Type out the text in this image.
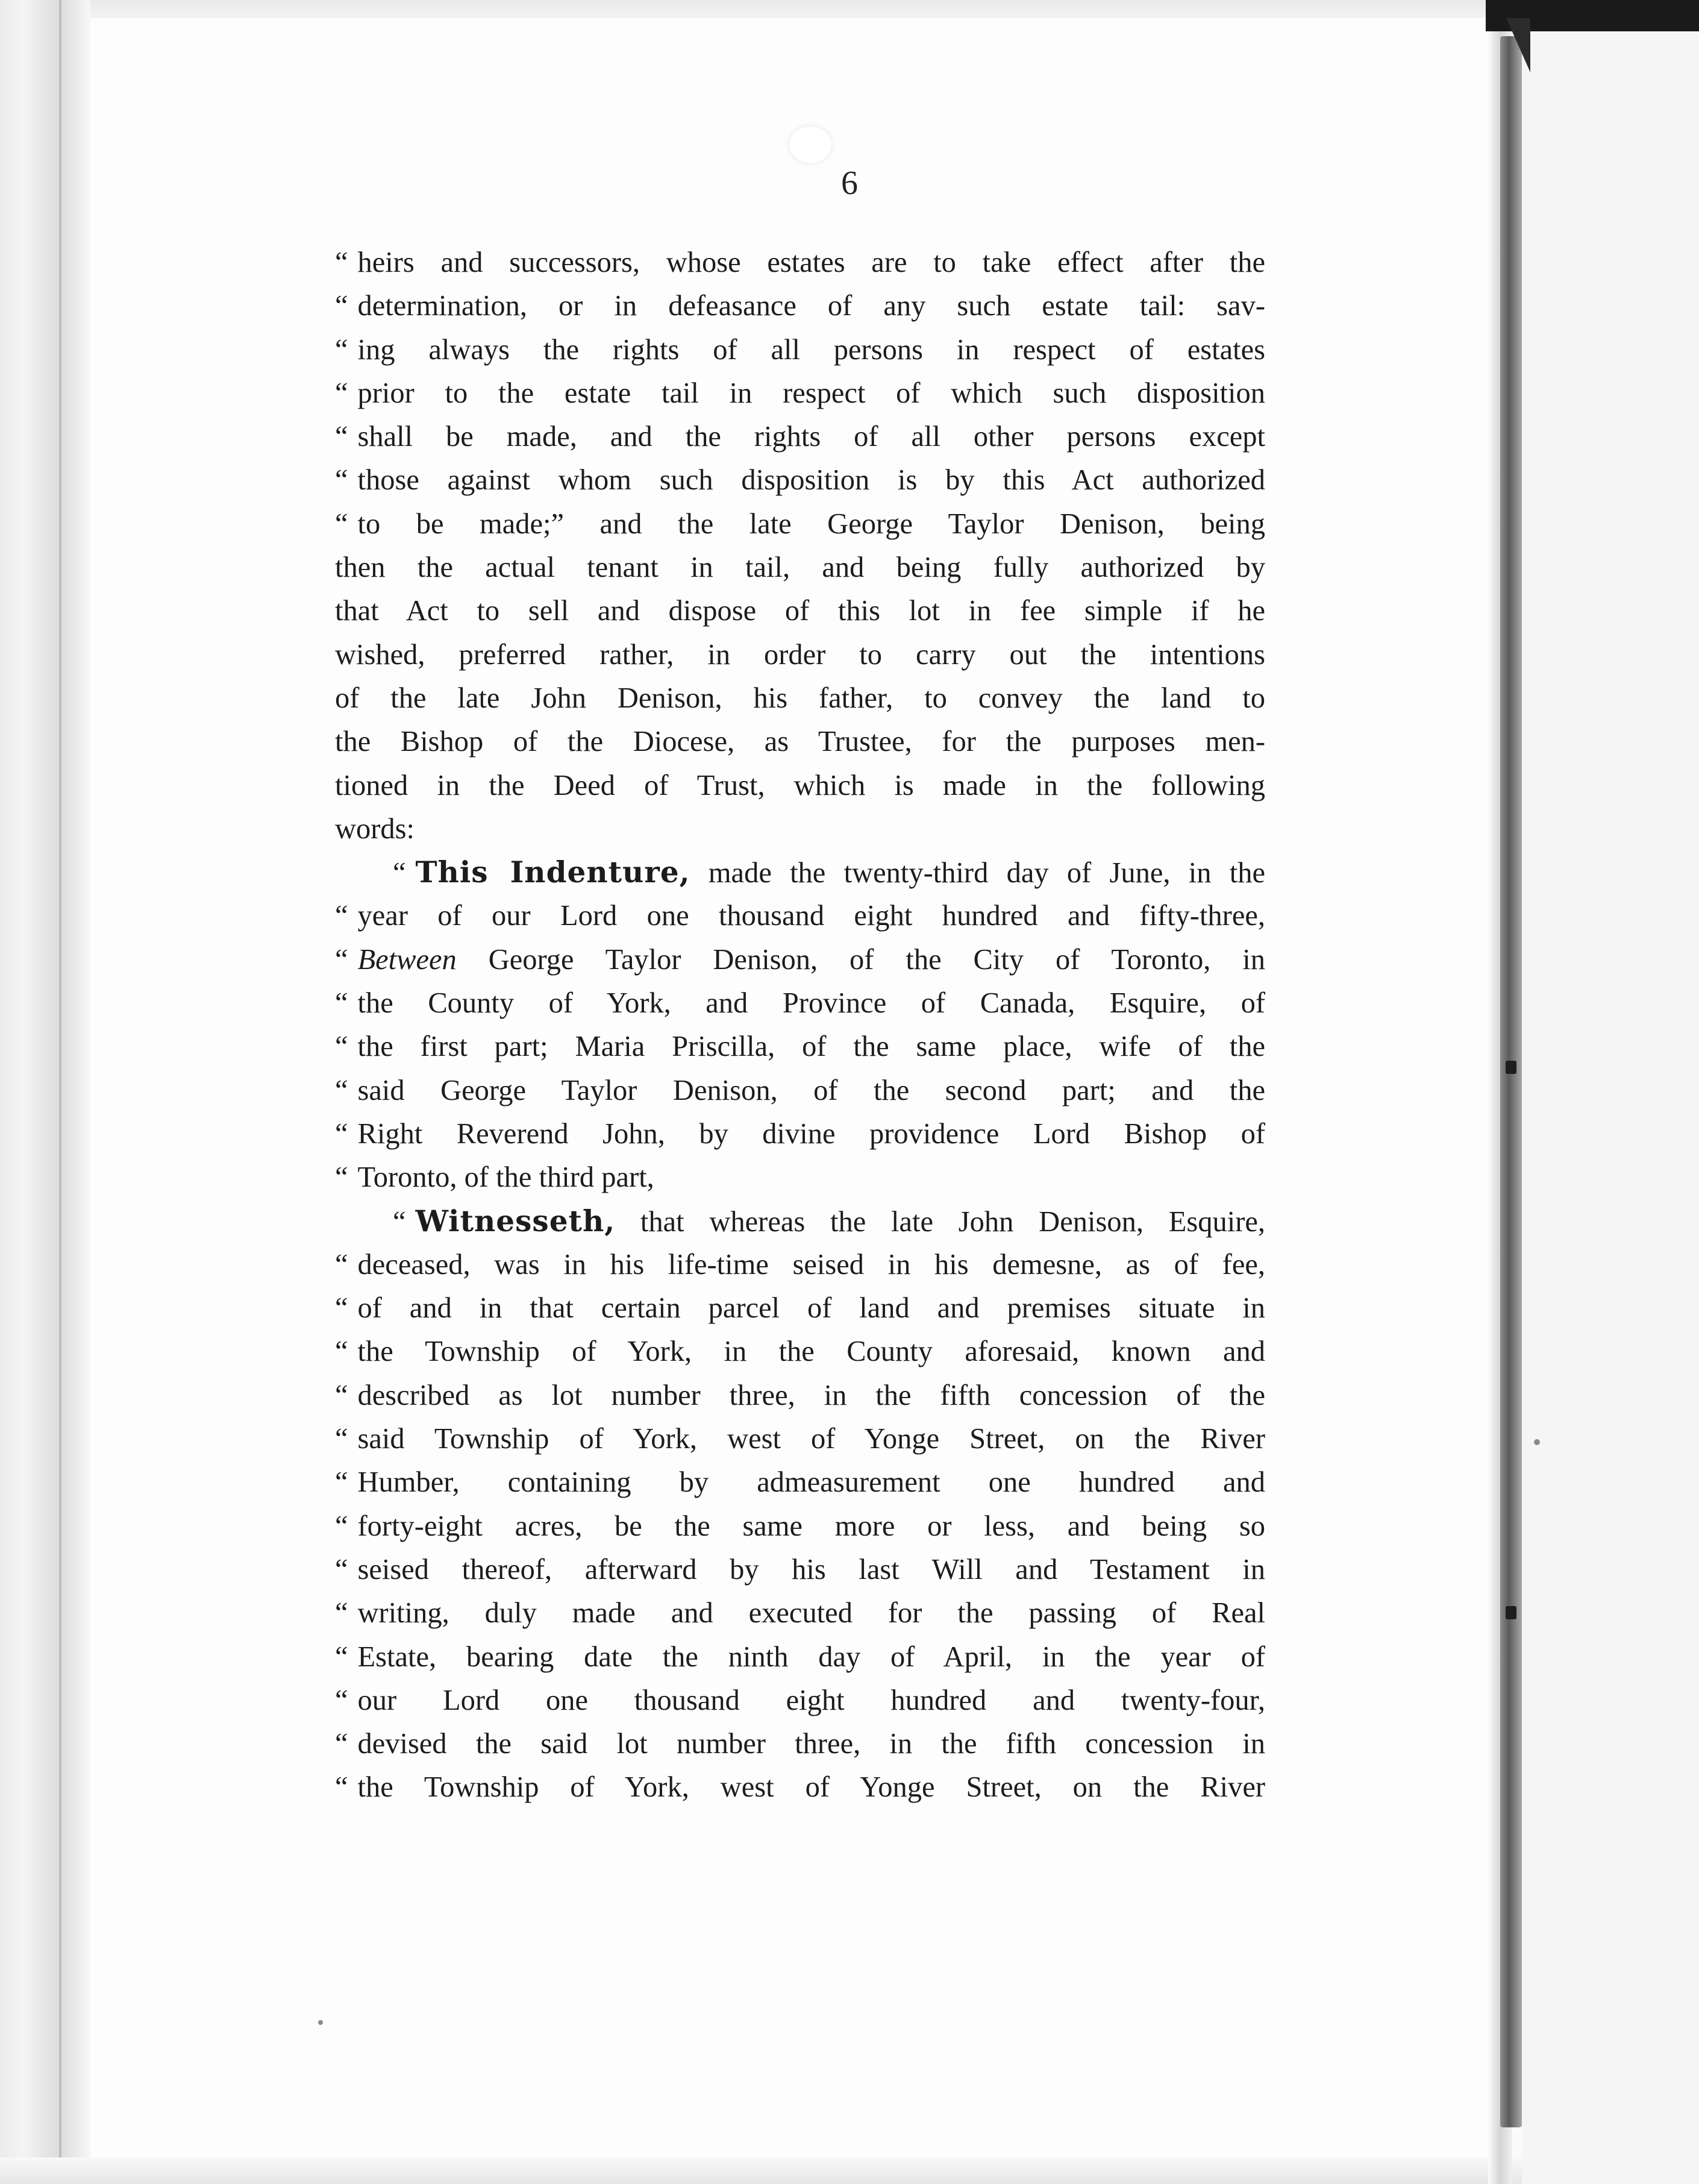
6
“ heirs and successors, whose estates are to take effect after the
“ determination, or in defeasance of any such estate tail: sav-
“ ing always the rights of all persons in respect of estates
“ prior to the estate tail in respect of which such disposition
“ shall be made, and the rights of all other persons except
“ those against whom such disposition is by this Act authorized
“ to be made;” and the late George Taylor Denison, being
then the actual tenant in tail, and being fully authorized by
that Act to sell and dispose of this lot in fee simple if he
wished, preferred rather, in order to carry out the intentions
of the late John Denison, his father, to convey the land to
the Bishop of the Diocese, as Trustee, for the purposes men-
tioned in the Deed of Trust, which is made in the following
words:
“ This Indenture, made the twenty-third day of June, in the
“ year of our Lord one thousand eight hundred and fifty-three,
“ Between George Taylor Denison, of the City of Toronto, in
“ the County of York, and Province of Canada, Esquire, of
“ the first part; Maria Priscilla, of the same place, wife of the
“ said George Taylor Denison, of the second part; and the
“ Right Reverend John, by divine providence Lord Bishop of
“ Toronto, of the third part,
“ Witnesseth, that whereas the late John Denison, Esquire,
“ deceased, was in his life-time seised in his demesne, as of fee,
“ of and in that certain parcel of land and premises situate in
“ the Township of York, in the County aforesaid, known and
“ described as lot number three, in the fifth concession of the
“ said Township of York, west of Yonge Street, on the River
“ Humber, containing by admeasurement one hundred and
“ forty-eight acres, be the same more or less, and being so
“ seised thereof, afterward by his last Will and Testament in
“ writing, duly made and executed for the passing of Real
“ Estate, bearing date the ninth day of April, in the year of
“ our Lord one thousand eight hundred and twenty-four,
“ devised the said lot number three, in the fifth concession in
“ the Township of York, west of Yonge Street, on the River
